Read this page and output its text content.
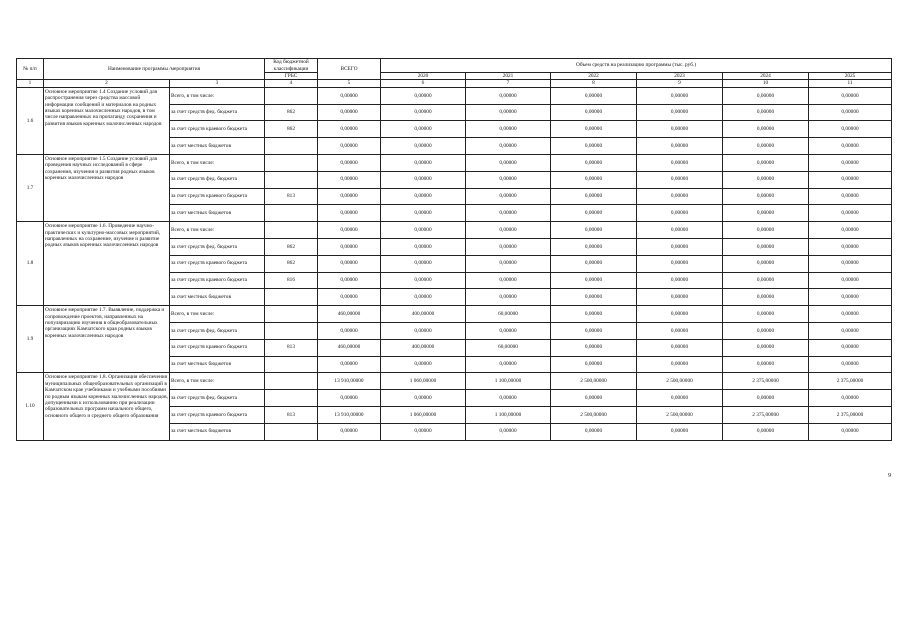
№ п/п	Наименование программы /мероприятия		Код бюджетной классификации	ВСЕГО	Объем средств на реализацию программы (тыс. руб.)					
			ГРБС		2020	2021	2022	2023	2024	2025
1	2	3	4	5	6	7	8	9	10	11
1.6	Основное мероприятие 1.4 Создание условий для распространения через средства массовой информации сообщений и материалов на родных языках коренных малочисленных народов, в том числе направленных на пропаганду сохранения и развития языков коренных малочисленных народов	Всего, в том числе:		0,00000	0,00000	0,00000	0,00000	0,00000	0,00000	0,00000
		за счет средств фед. бюджета	862	0,00000	0,00000	0,00000	0,00000	0,00000	0,00000	0,00000
		за счет средств краевого бюджета	862	0,00000	0,00000	0,00000	0,00000	0,00000	0,00000	0,00000
		за счет местных бюджетов		0,00000	0,00000	0,00000	0,00000	0,00000	0,00000	0,00000
1.7	Основное мероприятие 1.5 Создание условий для проведения научных исследований в сфере сохранения, изучения и развития родных языков коренных малочисленных народов	Всего, в том числе:		0,00000	0,00000	0,00000	0,00000	0,00000	0,00000	0,00000
		за счет средств фед. бюджета		0,00000	0,00000	0,00000	0,00000	0,00000	0,00000	0,00000
		за счет средств краевого бюджета	813	0,00000	0,00000	0,00000	0,00000	0,00000	0,00000	0,00000
		за счет местных бюджетов		0,00000	0,00000	0,00000	0,00000	0,00000	0,00000	0,00000
1.8	Основное мероприятие 1.6. Проведение научно-практических и культурно-массовых мероприятий, направленных на сохранение, изучение и развитие родных языков коренных малочисленных народов	Всего, в том числе:		0,00000	0,00000	0,00000	0,00000	0,00000	0,00000	0,00000
		за счет средств фед. бюджета	862	0,00000	0,00000	0,00000	0,00000	0,00000	0,00000	0,00000
		за счет средств краевого бюджета	862	0,00000	0,00000	0,00000	0,00000	0,00000	0,00000	0,00000
		за счет средств краевого бюджета	816	0,00000	0,00000	0,00000	0,00000	0,00000	0,00000	0,00000
		за счет местных бюджетов		0,00000	0,00000	0,00000	0,00000	0,00000	0,00000	0,00000
1.9	Основное мероприятие 1.7. Выявление, поддержка и сопровождение проектов, направленных на популяризацию изучения в общеобразовательных организациях Камчатского края родных языков коренных малочисленных народов	Всего, в том числе:		460,00000	400,00000	60,00000	0,00000	0,00000	0,00000	0,00000
		за счет средств фед. бюджета		0,00000	0,00000	0,00000	0,00000	0,00000	0,00000	0,00000
		за счет средств краевого бюджета	813	460,00000	400,00000	60,00000	0,00000	0,00000	0,00000	0,00000
		за счет местных бюджетов		0,00000	0,00000	0,00000	0,00000	0,00000	0,00000	0,00000
1.10	Основное мероприятие 1.8. Организация обеспечения муниципальных общеобразовательных организаций в Камчатском крае учебниками и учебными пособиями по родным языкам коренных малочисленных народов, допущенными к использованию при реализации образовательных программ начального общего, основного общего и среднего общего образования	Всего, в том числе:		13 910,00000	1 060,00000	1 100,00000	2 500,00000	2 500,00000	2 375,00000	2 375,00000
		за счет средств фед. бюджета		0,00000	0,00000	0,00000	0,00000	0,00000	0,00000	0,00000
		за счет средств краевого бюджета	813	13 910,00000	1 060,00000	1 100,00000	2 500,00000	2 500,00000	2 375,00000	2 375,00000
		за счет местных бюджетов		0,00000	0,00000	0,00000	0,00000	0,00000	0,00000	0,00000
9
